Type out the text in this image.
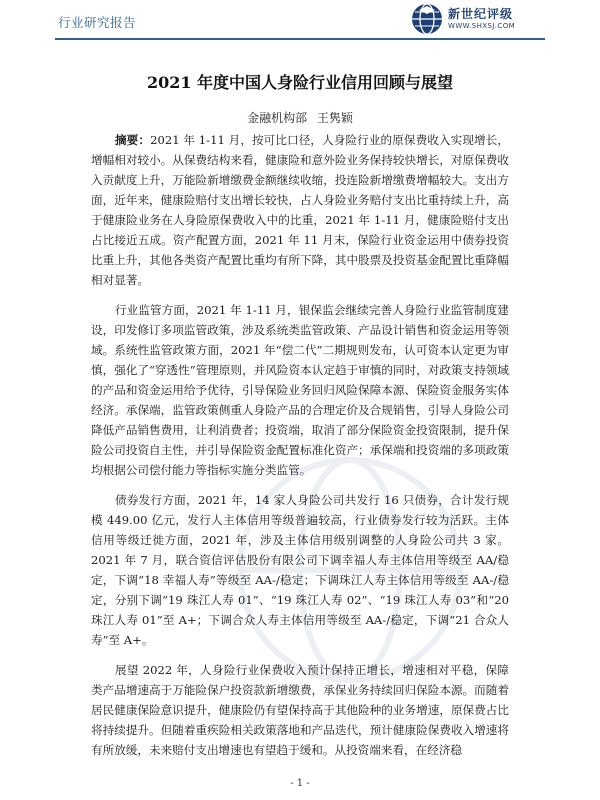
行业研究报告
新世纪评级
WWW.SHXSJ.COM
2021 年度中国人身险行业信用回顾与展望
金融机构部 王隽颖

摘要：2021 年 1-11 月，按可比口径，人身险行业的原保费收入实现增长，增幅相对较小。从保费结构来看，健康险和意外险业务保持较快增长，对原保费收入贡献度上升，万能险新增缴费金额继续收缩，投连险新增缴费增幅较大。支出方面，近年来，健康险赔付支出增长较快，占人身险业务赔付支出比重持续上升，高于健康险业务在人身险原保费收入中的比重，2021 年 1-11 月，健康险赔付支出占比接近五成。资产配置方面，2021 年 11 月末，保险行业资金运用中债券投资比重上升，其他各类资产配置比重均有所下降，其中股票及投资基金配置比重降幅相对显著。

行业监管方面，2021 年 1-11 月，银保监会继续完善人身险行业监管制度建设，印发修订多项监管政策，涉及系统类监管政策、产品设计销售和资金运用等领域。系统性监管政策方面，2021 年“偿二代”二期规则发布，认可资本认定更为审慎，强化了“穿透性”管理原则，并风险资本认定趋于审慎的同时，对政策支持领域的产品和资金运用给予优待，引导保险业务回归风险保障本源、保险资金服务实体经济。承保端，监管政策侧重人身险产品的合理定价及合规销售，引导人身险公司降低产品销售费用，让利消费者；投资端，取消了部分保险资金投资限制，提升保险公司投资自主性，并引导保险资金配置标准化资产；承保端和投资端的多项政策均根据公司偿付能力等指标实施分类监管。

债券发行方面，2021 年，14 家人身险公司共发行 16 只债券，合计发行规模 449.00 亿元，发行人主体信用等级普遍较高，行业债券发行较为活跃。主体信用等级迁徙方面，2021 年，涉及主体信用级别调整的人身险公司共 3 家。2021 年 7 月，联合资信评估股份有限公司下调幸福人寿主体信用等级至 AA/稳定，下调“18 幸福人寿”等级至 AA-/稳定；下调珠江人寿主体信用等级至 AA-/稳定，分别下调“19 珠江人寿 01”、“19 珠江人寿 02”、“19 珠江人寿 03”和“20 珠江人寿 01”至 A+；下调合众人寿主体信用等级至 AA-/稳定，下调“21 合众人寿”至 A+。

展望 2022 年，人身险行业保费收入预计保持正增长，增速相对平稳，保障类产品增速高于万能险保户投资款新增缴费，承保业务持续回归保险本源。而随着居民健康保险意识提升，健康险仍有望保持高于其他险种的业务增速，原保费占比将持续提升。但随着重疾险相关政策落地和产品迭代，预计健康险保费收入增速将有所放缓，未来赔付支出增速也有望趋于缓和。从投资端来看，在经济稳

- 1 -
